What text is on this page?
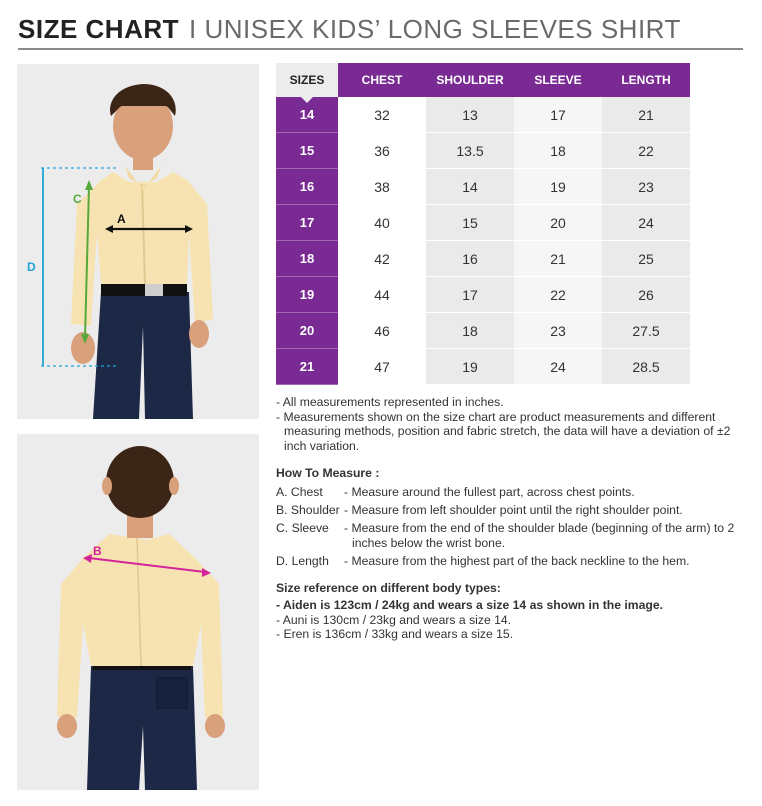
SIZE CHART I UNISEX KIDS’ LONG SLEEVES SHIRT
D
C
A
B
SIZES	CHEST	SHOULDER	SLEEVE	LENGTH
14	32	13	17	21
15	36	13.5	18	22
16	38	14	19	23
17	40	15	20	24
18	42	16	21	25
19	44	17	22	26
20	46	18	23	27.5
21	47	19	24	28.5
- All measurements represented in inches.
- Measurements shown on the size chart are product measurements and different measuring methods, position and fabric stretch, the data will have a deviation of ±2 inch variation.
How To Measure :
A. Chest	- Measure around the fullest part, across chest points.
B. Shoulder - Measure from left shoulder point until the right shoulder point.
C. Sleeve	- Measure from the end of the shoulder blade (beginning of the arm) to 2 inches below the wrist bone.
D. Length	- Measure from the highest part of the back neckline to the hem.
Size reference on different body types:
- Aiden is 123cm / 24kg and wears a size 14 as shown in the image.
- Auni is 130cm / 23kg and wears a size 14.
- Eren is 136cm / 33kg and wears a size 15.
